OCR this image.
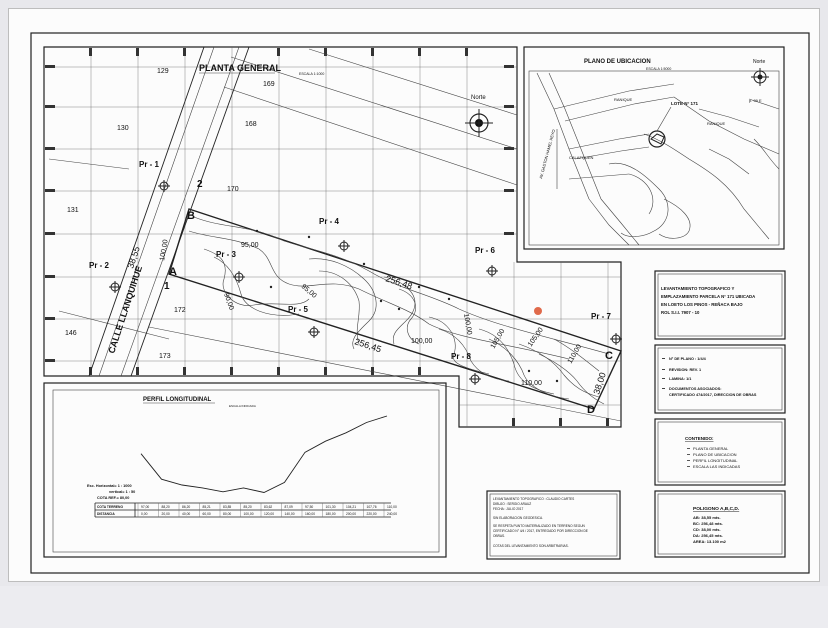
CALLE LLANQUIHUE
95,00
95,00
100,00
100,00
105,00	105,00
110,00
110,00
100,00
90,00
38,55
256,48
38,00
256,45
B
A
C
D
2
1
Pr - 1
Pr - 2
Pr - 3
Pr - 4
Pr - 5
Pr - 6
Pr - 7
Pr - 8
129
169
130
168
170
131
172
146
173
PLANTA GENERAL
ESCALA 1:1000
Norte
PLANO DE UBICACION
ESCALA 1:5000
AV. GASTON HAMEL REYO
RANIQUE
LOTE N° 171
CALAFQUEN
RANIQUE
p. 99 E
Norte
LEVANTAMIENTO TOPOGRAFICO Y
EMPLAZAMIENTO PARCELA N° 171 UBICADA
EN LOETO LOS PINOS - REÑACA BAJO
ROL S.I.I. 7907 - 10
N° DE PLANO : 1/4/4
REVISION: REV. 1
LAMINA: 1/1
DOCUMENTOS ASOCIADOS:
CERTIFICADO 474/2017, DIRECCION DE OBRAS
CONTENIDO:
PLANTA GENERAL
PLANO DE UBICACION
PERFIL LONGITUDINAL
ESCALA LAS INDICADAS
POLIGONO A,B,C,D.
AB: 38,55 mts.
BC: 256,48 mts.
CD: 38,00 mts.
DA: 256,45 mts.
AREA: 13.100 m2
LEVANTAMIENTO TOPOGRAFICO : CLAUDIO CARTES
DIBUJO : SERGIO ARAUZ
FECHA : JULIO 2017
SIN ELABORACION GEODESICA.
SE RESPETA PUNTO MATERIALIZADO EN TERRENO SEGUN
CERTIFICADO N° 4/4 / 2017, ENTREGADO POR DIRECCION DE
OBRAS.
COTAS DEL LEVANTAMIENTO SON ARBITRARIAS.
PERFIL LONGITUDINAL
ESCALA INDICADA
Esc. Horizontal= 1 : 1000
vertical= 1 : 50
COTA REF.= 80,00
COTA TERRENO
DISTANCIA
97,00
0,00
88,20
20,00
86,20
40,00
85,21
60,00
83,85
80,00
85,20
100,00
83,62
120,00
87,09
140,00
97,50
160,00
101,30
180,00
104,21
200,00
107,76
220,00
110,00
240,00
